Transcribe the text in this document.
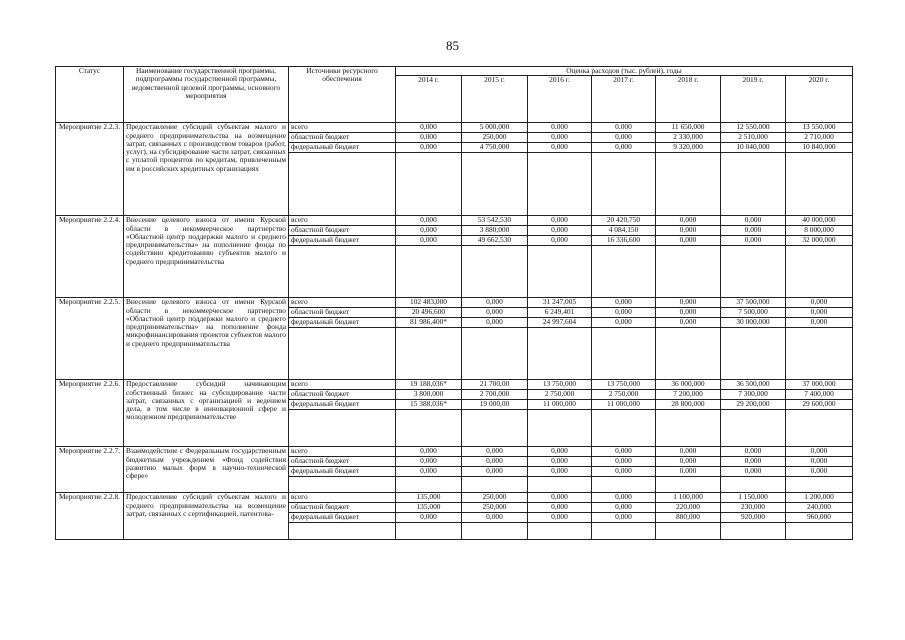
85
Статус	Наименование государственной программы, подпрограммы государственной программы, ведомственной целевой программы, основного мероприятия	Источники ресурсного обеспечения	Оценка расходов (тыс. рублей), годы						
			2014 г.	2015 г.	2016 г.	2017 г.	2018 г.	2019 г.	2020 г.
Мероприятие 2.2.3.	Предоставление субсидий субъектам малого и среднего предпринимательства на возмещение затрат, связанных с производством товаров (работ, услуг), на субсидирование части затрат, связанных с уплатой процентов по кредитам, привлеченным им в российских кредитных организациях	всего	0,000	5 000,000	0,000	0,000	11 650,000	12 550,000	13 550,000
		областной бюджет	0,000	250,000	0,000	0,000	2 330,000	2 510,000	2 710,000
		федеральный бюджет	0,000	4 750,000	0,000	0,000	9 320,000	10 040,000	10 840,000

Мероприятие 2.2.4.	Внесение целевого взноса от имени Курской области в некоммерческое партнерство «Областной центр поддержки малого и среднего предпринимательства» на пополнение фонда по содействию кредитованию субъектов малого и среднего предпринимательства	всего	0,000	53 542,530	0,000	20 420,750	0,000	0,000	40 000,000
		областной бюджет	0,000	3 880,000	0,000	4 084,150	0,000	0,000	8 000,000
		федеральный бюджет	0,000	49 662,530	0,000	16 336,600	0,000	0,000	32 000,000

Мероприятие 2.2.5.	Внесение целевого взноса от имени Курской области в некоммерческое партнерство «Областной центр поддержки малого и среднего предпринимательства» на пополнение фонда микрофинансирования проектов субъектов малого и среднего предпринимательства	всего	102 483,000	0,000	31 247,005	0,000	0,000	37 500,000	0,000
		областной бюджет	20 496,600	0,000	6 249,401	0,000	0,000	7 500,000	0,000
		федеральный бюджет	81 986,400*	0,000	24 997,604	0,000	0,000	30 000,000	0,000

Мероприятие 2.2.6.	Предоставление субсидий начинающим собственный бизнес на субсидирование части затрат, связанных с организацией и ведением дела, в том числе в инновационной сфере и молодежном предпринимательстве	всего	19 188,036*	21 700,00	13 750,000	13 750,000	36 000,000	36 500,000	37 000,000
		областной бюджет	3 800,000	2 700,000	2 750,000	2 750,000	7 200,000	7 300,000	7 400,000
		федеральный бюджет	15 388,036*	19 000,00	11 000,000	11 000,000	28 800,000	29 200,000	29 600,000

Мероприятие 2.2.7.	Взаимодействие с Федеральным государственным бюджетным учреждением «Фонд содействия развитию малых форм в научно-технической сфере»	всего	0,000	0,000	0,000	0,000	0,000	0,000	0,000
		областной бюджет	0,000	0,000	0,000	0,000	0,000	0,000	0,000
		федеральный бюджет	0,000	0,000	0,000	0,000	0,000	0,000	0,000

Мероприятие 2.2.8.	Предоставление субсидий субъектам малого и среднего предпринимательства на возмещение затрат, связанных с сертификацией, патентова-	всего	135,000	250,000	0,000	0,000	1 100,000	1 150,000	1 200,000
		областной бюджет	135,000	250,000	0,000	0,000	220,000	230,000	240,000
		федеральный бюджет	0,000	0,000	0,000	0,000	880,000	920,000	960,000
